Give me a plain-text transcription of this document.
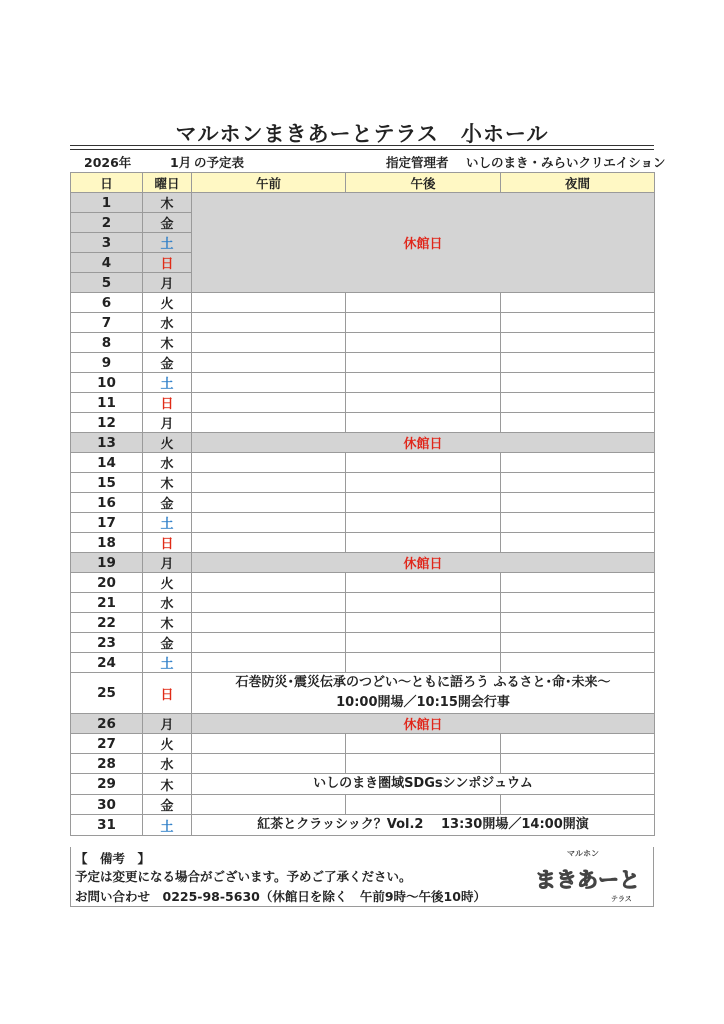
マルホンまきあーとテラス　小ホール
2026年	1月 の予定表	指定管理者 いしのまき・みらいクリエイション
日	曜日	午前	午後	夜間
1	木	休館日		
2	金			
3	土			
4	日			
5	月			
6	火			
7	水			
8	木			
9	金			
10	土			
11	日			
12	月			
13	火	休館日		
14	水			
15	木			
16	金			
17	土			
18	日			
19	月	休館日		
20	火			
21	水			
22	木			
23	金			
24	土			
25	日	石巻防災･震災伝承のつどい～ともに語ろう ふるさと･命･未来～
10:00開場／10:15開会行事		
26	月	休館日		
27	火			
28	水			
29	木	いしのまき圏域SDGsシンポジュウム		
30	金			
31	土	紅茶とクラッシック？Vol.2　 13:30開場／14:00開演		
【　備考　】
予定は変更になる場合がございます。予めご了承ください。
お問い合わせ　0225-98-5630（休館日を除く　午前9時～午後10時）
マルホン
まきあーと
テラス
